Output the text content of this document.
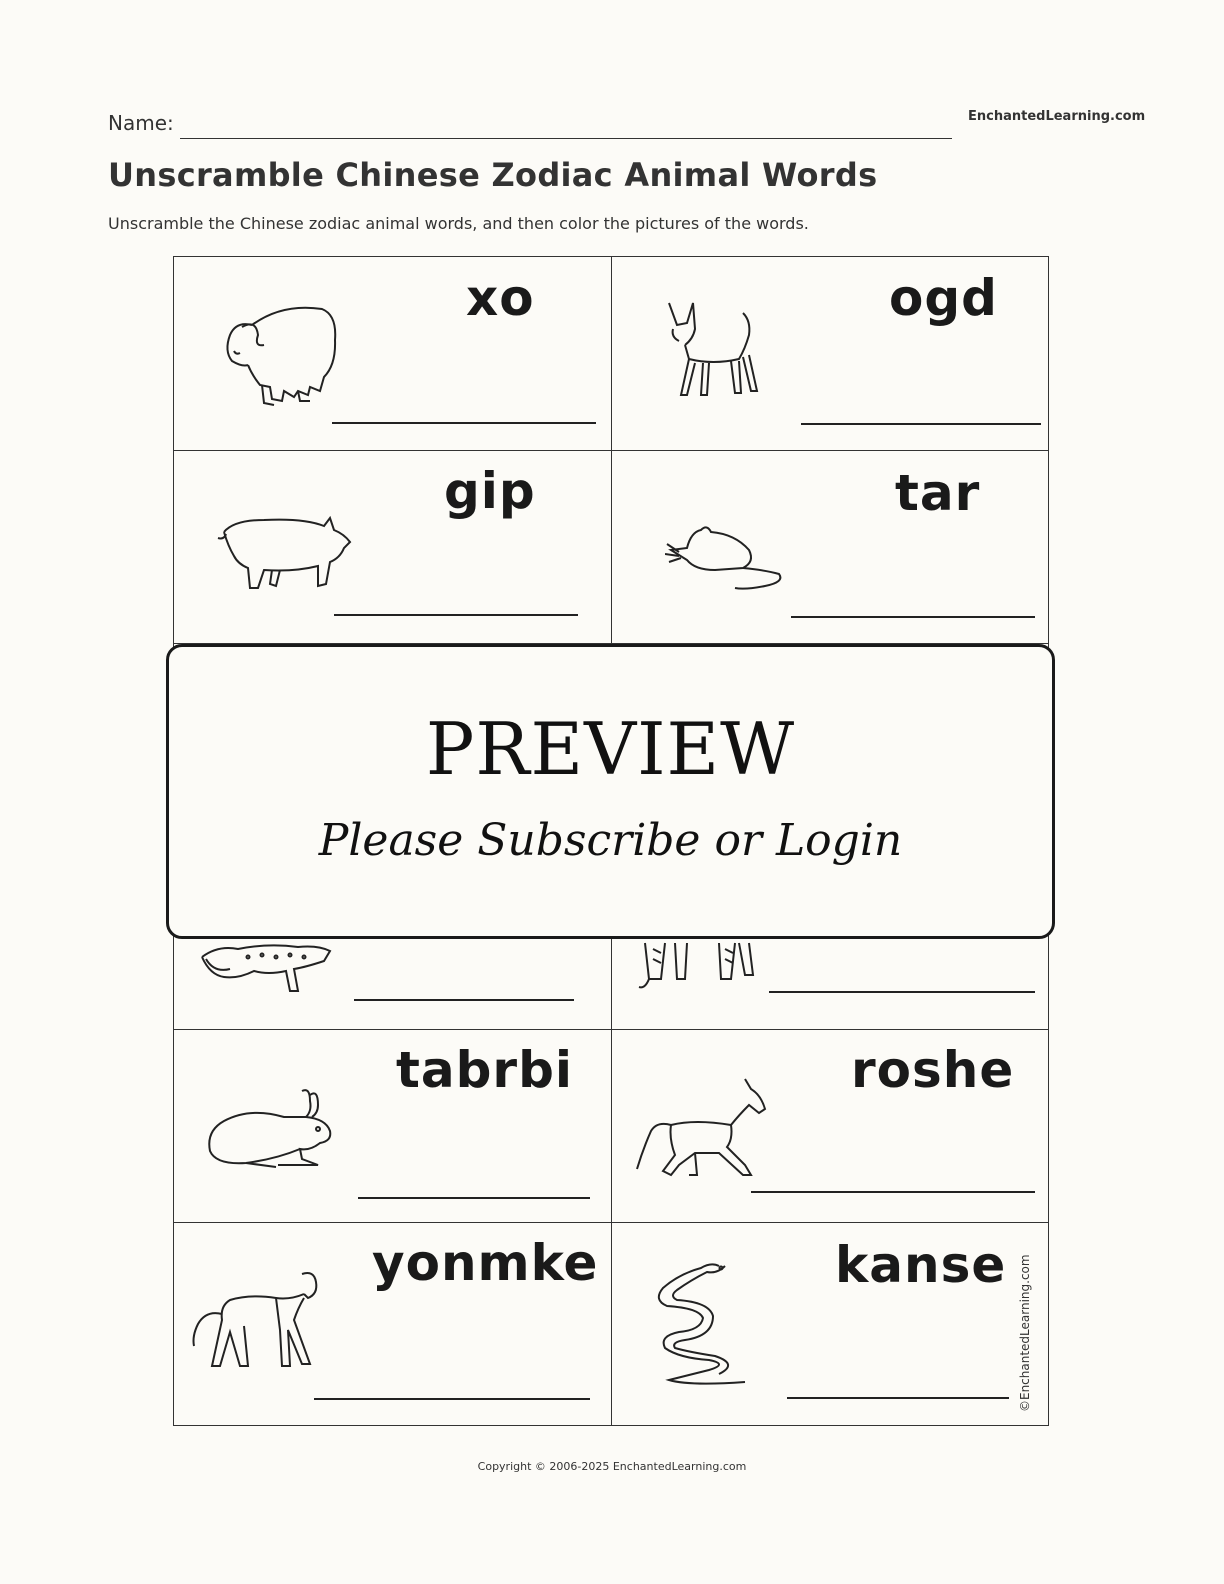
Name:	EnchantedLearning.com
Unscramble Chinese Zodiac Animal Words
Unscramble the Chinese zodiac animal words, and then color the pictures of the words.
xo	ogd
gip	tar
tabrbi	roshe
yonmke	kanse
PREVIEW
Please Subscribe or Login
©EnchantedLearning.com
Copyright © 2006-2025 EnchantedLearning.com
